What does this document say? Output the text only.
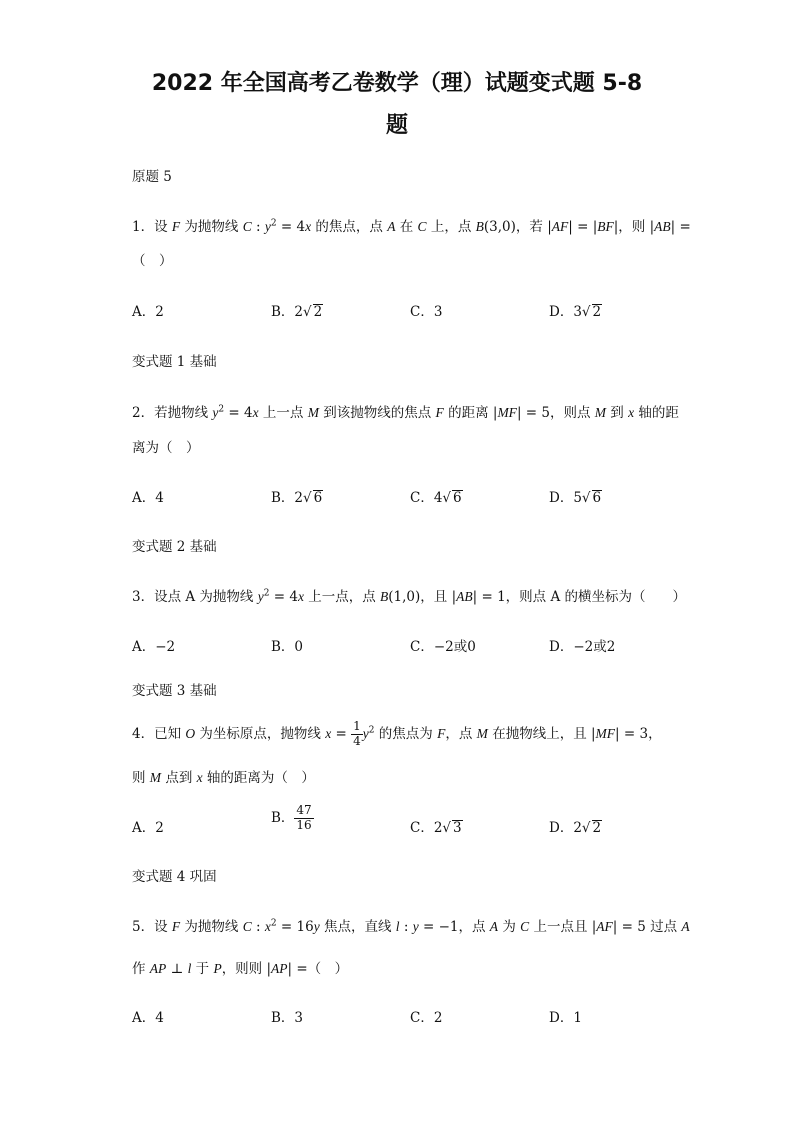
2022 年全国高考乙卷数学（理）试题变式题 5-8
题
原题 5
1．设 F 为抛物线 C : $y^2 = 4x$ 的焦点，点 A 在 C 上，点 B(3,0)，若 |AF| = |BF|，则 |AB| =
（　）
A．2	B．2√ 2	C．3	D．3√ 2
变式题 1 基础
2．若抛物线 $y^2 = 4x$ 上一点 M 到该抛物线的焦点 F 的距离 |MF| = 5，则点 M 到 x 轴的距
离为（　）
A．4	B．2√ 6	C．4√ 6	D．5√ 6
变式题 2 基础
3．设点 A 为抛物线 $y^2 = 4x$ 上一点，点 B(1,0)，且 |AB| = 1，则点 A 的横坐标为（　　）
A．−2	B．0	C．−2或0	D．−2或2
变式题 3 基础
4．已知 O 为坐标原点，抛物线 $x = \frac{1}{4} y^2$ 的焦点为 F，点 M 在抛物线上，且 |MF| = 3，
则 M 点到 x 轴的距离为（　）
A．2
B． $\frac{47}{16}$	C．2√ 3	D．2√ 2
变式题 4 巩固
5．设 F 为抛物线 C : $x^2 = 16y$ 焦点，直线 l : y = −1，点 A 为 C 上一点且 |AF| = 5 过点 A
作 AP ⊥ l 于 P，则则 |AP| =（　）
A．4	B．3	C．2	D．1
